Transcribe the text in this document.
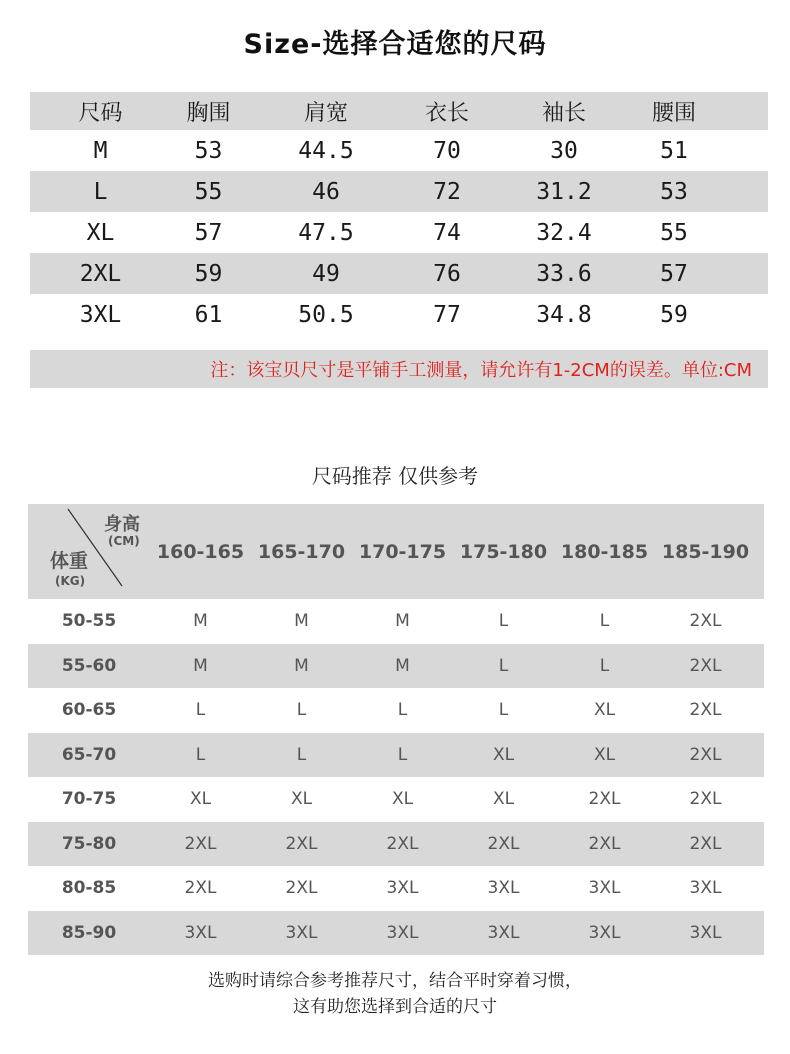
Size-选择合适您的尺码
尺码	胸围	肩宽	衣长	袖长	腰围
M	53	44.5	70	30	51
L	55	46	72	31.2	53
XL	57	47.5	74	32.4	55
2XL	59	49	76	33.6	57
3XL	61	50.5	77	34.8	59
注：该宝贝尺寸是平铺手工测量，请允许有1-2CM的误差。单位:CM
尺码推荐 仅供参考
身高
(CM)
体重
(KG)
160-165 165-170 170-175 175-180 180-185 185-190
50-55	M	M	M	L	L	2XL
55-60	M	M	M	L	L	2XL
60-65	L	L	L	L	XL	2XL
65-70	L	L	L	XL	XL	2XL
70-75	XL	XL	XL	XL	2XL	2XL
75-80	2XL	2XL	2XL	2XL	2XL	2XL
80-85	2XL	2XL	3XL	3XL	3XL	3XL
85-90	3XL	3XL	3XL	3XL	3XL	3XL
选购时请综合参考推荐尺寸，结合平时穿着习惯，
这有助您选择到合适的尺寸
